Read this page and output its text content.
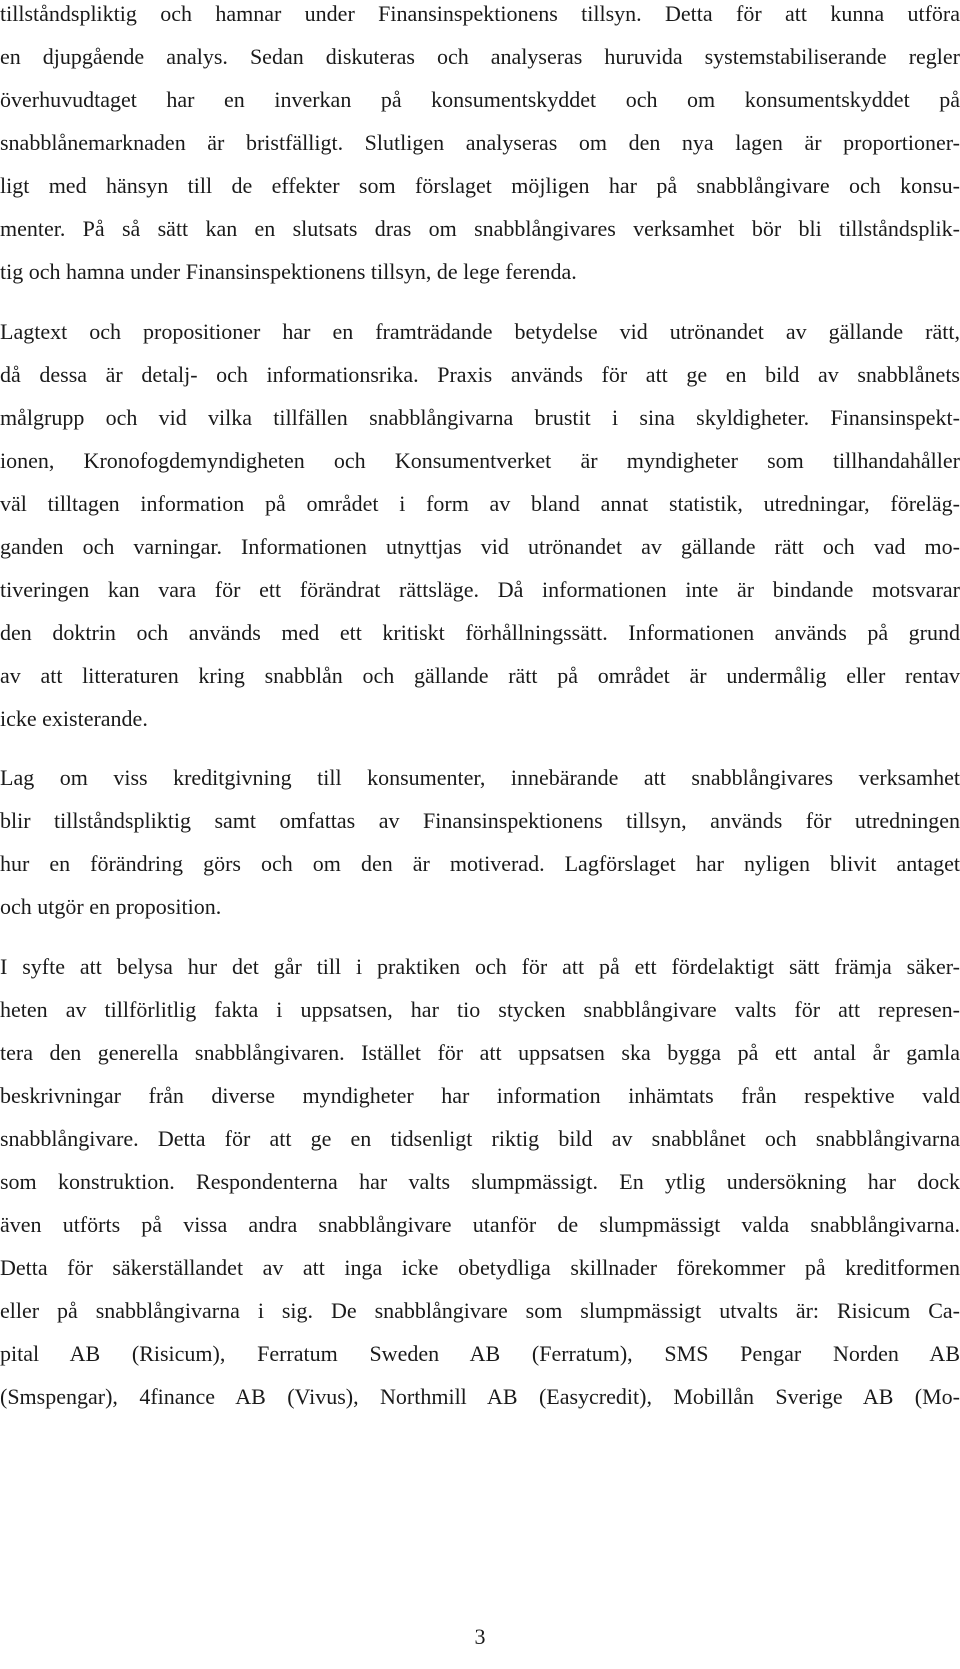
tillståndspliktig och hamnar under Finansinspektionens tillsyn. Detta för att kunna utföra
en djupgående analys. Sedan diskuteras och analyseras huruvida systemstabiliserande regler
överhuvudtaget har en inverkan på konsumentskyddet och om konsumentskyddet på
snabblånemarknaden är bristfälligt. Slutligen analyseras om den nya lagen är proportioner-
ligt med hänsyn till de effekter som förslaget möjligen har på snabblångivare och konsu-
menter. På så sätt kan en slutsats dras om snabblångivares verksamhet bör bli tillståndsplik-
tig och hamna under Finansinspektionens tillsyn, de lege ferenda.
Lagtext och propositioner har en framträdande betydelse vid utrönandet av gällande rätt,
då dessa är detalj- och informationsrika. Praxis används för att ge en bild av snabblånets
målgrupp och vid vilka tillfällen snabblångivarna brustit i sina skyldigheter. Finansinspekt-
ionen, Kronofogdemyndigheten och Konsumentverket är myndigheter som tillhandahåller
väl tilltagen information på området i form av bland annat statistik, utredningar, föreläg-
ganden och varningar. Informationen utnyttjas vid utrönandet av gällande rätt och vad mo-
tiveringen kan vara för ett förändrat rättsläge. Då informationen inte är bindande motsvarar
den doktrin och används med ett kritiskt förhållningssätt. Informationen används på grund
av att litteraturen kring snabblån och gällande rätt på området är undermålig eller rentav
icke existerande.
Lag om viss kreditgivning till konsumenter, innebärande att snabblångivares verksamhet
blir tillståndspliktig samt omfattas av Finansinspektionens tillsyn, används för utredningen
hur en förändring görs och om den är motiverad. Lagförslaget har nyligen blivit antaget
och utgör en proposition.
I syfte att belysa hur det går till i praktiken och för att på ett fördelaktigt sätt främja säker-
heten av tillförlitlig fakta i uppsatsen, har tio stycken snabblångivare valts för att represen-
tera den generella snabblångivaren. Istället för att uppsatsen ska bygga på ett antal år gamla
beskrivningar från diverse myndigheter har information inhämtats från respektive vald
snabblångivare. Detta för att ge en tidsenligt riktig bild av snabblånet och snabblångivarna
som konstruktion. Respondenterna har valts slumpmässigt. En ytlig undersökning har dock
även utförts på vissa andra snabblångivare utanför de slumpmässigt valda snabblångivarna.
Detta för säkerställandet av att inga icke obetydliga skillnader förekommer på kreditformen
eller på snabblångivarna i sig. De snabblångivare som slumpmässigt utvalts är: Risicum Ca-
pital AB (Risicum), Ferratum Sweden AB (Ferratum), SMS Pengar Norden AB
(Smspengar), 4finance AB (Vivus), Northmill AB (Easycredit), Mobillån Sverige AB (Mo-
3
